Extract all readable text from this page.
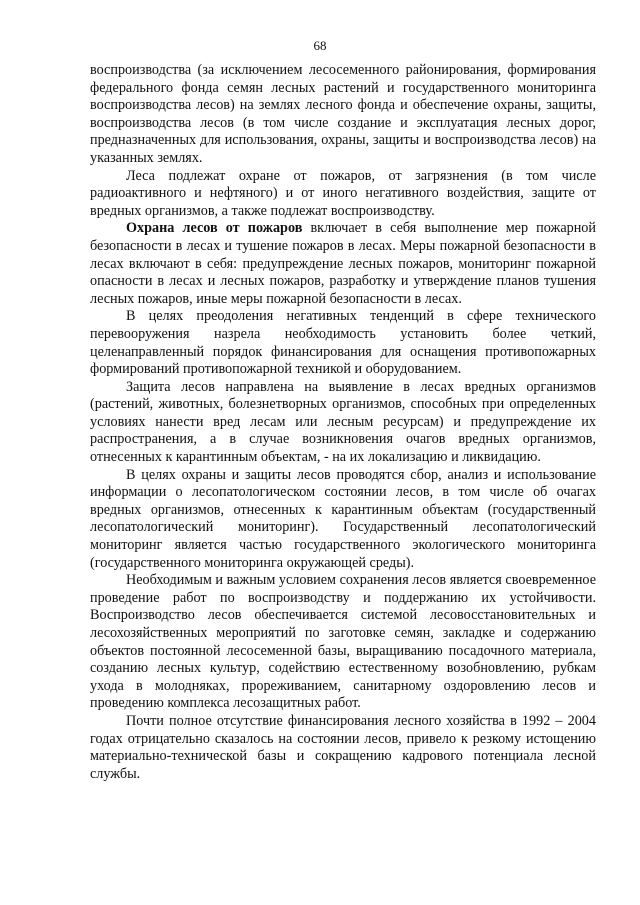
68

воспроизводства (за исключением лесосеменного районирования, формирования федерального фонда семян лесных растений и государственного мониторинга воспроизводства лесов) на землях лесного фонда и обеспечение охраны, защиты, воспроизводства лесов (в том числе создание и эксплуатация лесных дорог, предназначенных для использования, охраны, защиты и воспроизводства лесов) на указанных землях.

Леса подлежат охране от пожаров, от загрязнения (в том числе радиоактивного и нефтяного) и от иного негативного воздействия, защите от вредных организмов, а также подлежат воспроизводству.

Охрана лесов от пожаров включает в себя выполнение мер пожарной безопасности в лесах и тушение пожаров в лесах. Меры пожарной безопасности в лесах включают в себя: предупреждение лесных пожаров, мониторинг пожарной опасности в лесах и лесных пожаров, разработку и утверждение планов тушения лесных пожаров, иные меры пожарной безопасности в лесах.

В целях преодоления негативных тенденций в сфере технического перевооружения назрела необходимость установить более четкий, целенаправленный порядок финансирования для оснащения противопожарных формирований противопожарной техникой и оборудованием.

Защита лесов направлена на выявление в лесах вредных организмов (растений, животных, болезнетворных организмов, способных при определенных условиях нанести вред лесам или лесным ресурсам) и предупреждение их распространения, а в случае возникновения очагов вредных организмов, отнесенных к карантинным объектам, - на их локализацию и ликвидацию.

В целях охраны и защиты лесов проводятся сбор, анализ и использование информации о лесопатологическом состоянии лесов, в том числе об очагах вредных организмов, отнесенных к карантинным объектам (государственный лесопатологический мониторинг). Государственный лесопатологический мониторинг является частью государственного экологического мониторинга (государственного мониторинга окружающей среды).

Необходимым и важным условием сохранения лесов является своевременное проведение работ по воспроизводству и поддержанию их устойчивости. Воспроизводство лесов обеспечивается системой лесовосстановительных и лесохозяйственных мероприятий по заготовке семян, закладке и содержанию объектов постоянной лесосеменной базы, выращиванию посадочного материала, созданию лесных культур, содействию естественному возобновлению, рубкам ухода в молодняках, прореживанием, санитарному оздоровлению лесов и проведению комплекса лесозащитных работ.

Почти полное отсутствие финансирования лесного хозяйства в 1992 – 2004 годах отрицательно сказалось на состоянии лесов, привело к резкому истощению материально-технической базы и сокращению кадрового потенциала лесной службы.
